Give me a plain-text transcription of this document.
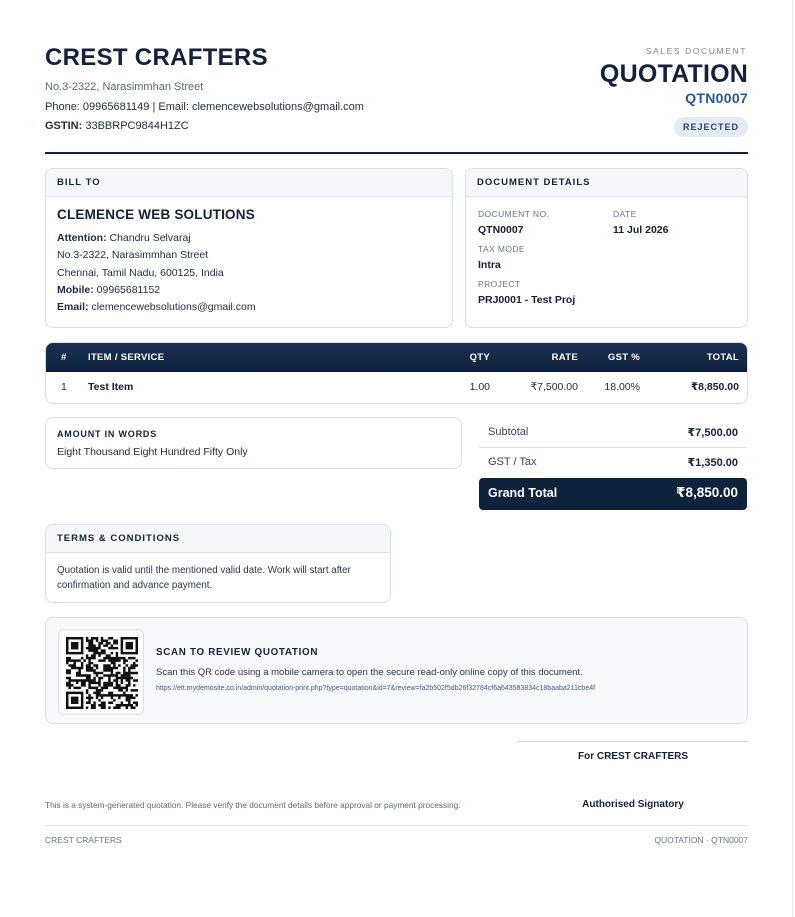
CREST CRAFTERS
No.3-2322, Narasimmhan Street
Phone: 09965681149 | Email: clemencewebsolutions@gmail.com
GSTIN: 33BBRPC9844H1ZC
SALES DOCUMENT
QUOTATION
QTN0007
REJECTED
BILL TO
CLEMENCE WEB SOLUTIONS
Attention: Chandru Selvaraj
No.3-2322, Narasimmhan Street
Chennai, Tamil Nadu, 600125, India
Mobile: 09965681152
Email: clemencewebsolutions@gmail.com
DOCUMENT DETAILS
DOCUMENT NO.
QTN0007
DATE
11 Jul 2026
TAX MODE
Intra
PROJECT
PRJ0001 - Test Proj
# ITEM / SERVICE	QTY	RATE	GST %	TOTAL
1 Test Item	1.00	₹7,500.00	18.00%	₹8,850.00
AMOUNT IN WORDS
Eight Thousand Eight Hundred Fifty Only
Subtotal	₹7,500.00
GST / Tax	₹1,350.00
Grand Total	₹8,850.00
TERMS & CONDITIONS
Quotation is valid until the mentioned valid date. Work will start after confirmation and advance payment.
SCAN TO REVIEW QUOTATION
Scan this QR code using a mobile camera to open the secure read-only online copy of this document.
https://ett.mydemosite.co.in/admin/quotation-print.php?type=quotation&id=7&review=fa2b502f5db26f32784cf6a643583834c18baaba211cbe4f
For CREST CRAFTERS
Authorised Signatory
This is a system-generated quotation. Please verify the document details before approval or payment processing.
CREST CRAFTERS	QUOTATION · QTN0007
